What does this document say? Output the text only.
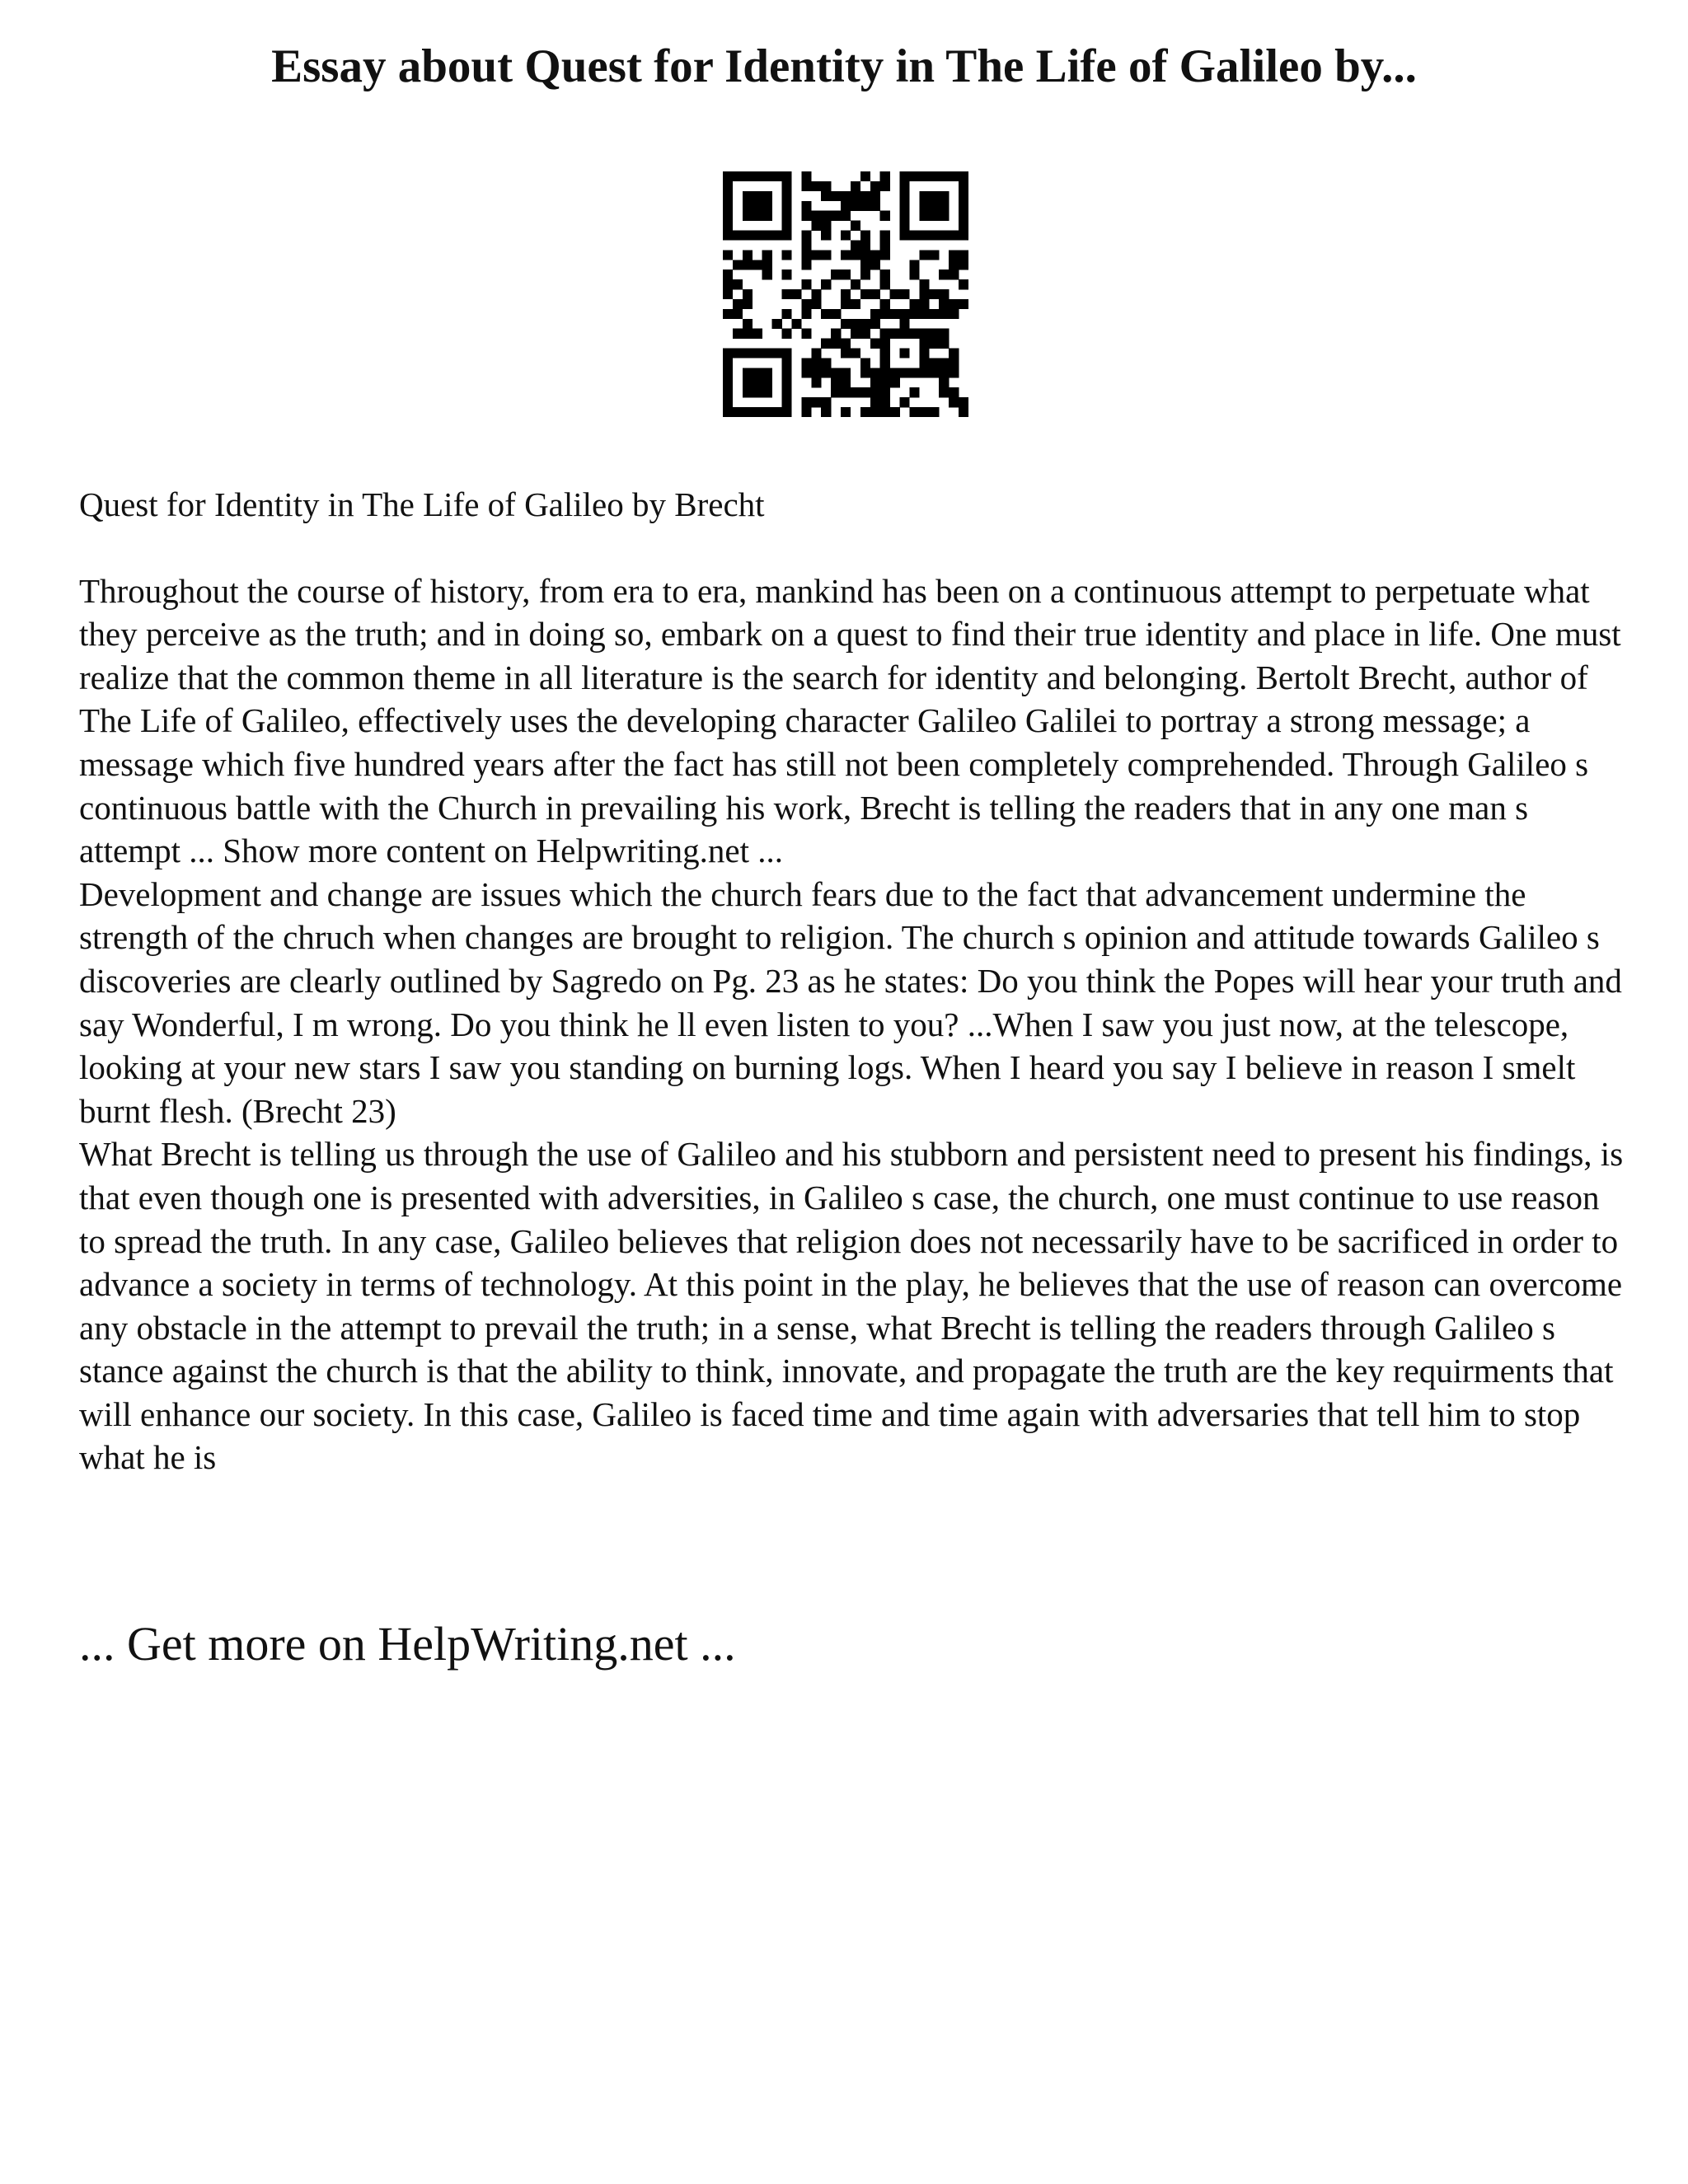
Essay about Quest for Identity in The Life of Galileo by...

Quest for Identity in The Life of Galileo by Brecht

Throughout the course of history, from era to era, mankind has been on a continuous attempt to perpetuate what they perceive as the truth; and in doing so, embark on a quest to find their true identity and place in life. One must realize that the common theme in all literature is the search for identity and belonging. Bertolt Brecht, author of The Life of Galileo, effectively uses the developing character Galileo Galilei to portray a strong message; a message which five hundred years after the fact has still not been completely comprehended. Through Galileo s continuous battle with the Church in prevailing his work, Brecht is telling the readers that in any one man s attempt ... Show more content on Helpwriting.net ...

Development and change are issues which the church fears due to the fact that advancement undermine the strength of the chruch when changes are brought to religion. The church s opinion and attitude towards Galileo s discoveries are clearly outlined by Sagredo on Pg. 23 as he states: Do you think the Popes will hear your truth and say Wonderful, I m wrong. Do you think he ll even listen to you? ...When I saw you just now, at the telescope, looking at your new stars I saw you standing on burning logs. When I heard you say I believe in reason I smelt burnt flesh. (Brecht 23)

What Brecht is telling us through the use of Galileo and his stubborn and persistent need to present his findings, is that even though one is presented with adversities, in Galileo s case, the church, one must continue to use reason to spread the truth. In any case, Galileo believes that religion does not necessarily have to be sacrificed in order to advance a society in terms of technology. At this point in the play, he believes that the use of reason can overcome any obstacle in the attempt to prevail the truth; in a sense, what Brecht is telling the readers through Galileo s stance against the church is that the ability to think, innovate, and propagate the truth are the key requirments that will enhance our society. In this case, Galileo is faced time and time again with adversaries that tell him to stop what he is

... Get more on HelpWriting.net ...
